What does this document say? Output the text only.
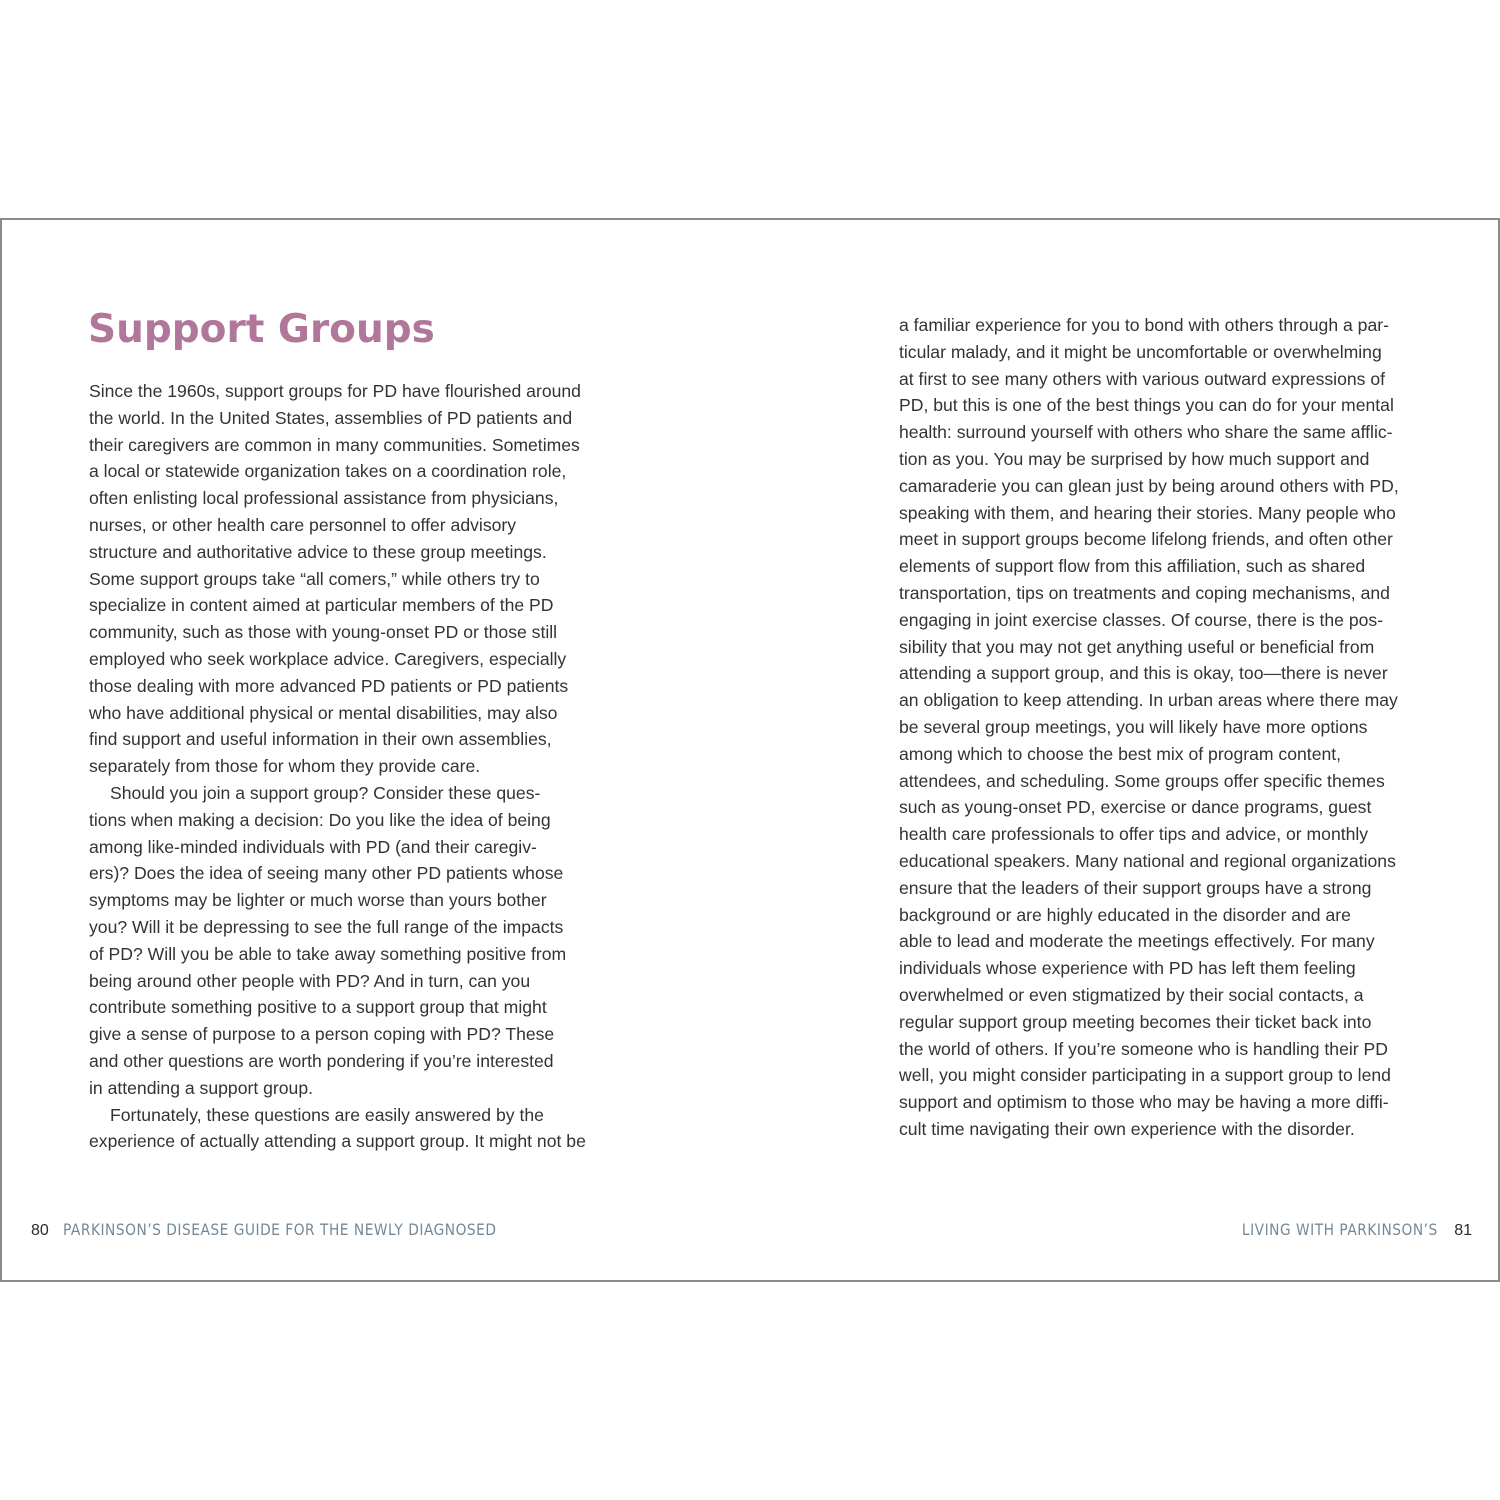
Support Groups
Since the 1960s, support groups for PD have flourished around
the world. In the United States, assemblies of PD patients and
their caregivers are common in many communities. Sometimes
a local or statewide organization takes on a coordination role,
often enlisting local professional assistance from physicians,
nurses, or other health care personnel to offer advisory
structure and authoritative advice to these group meetings.
Some support groups take “all comers,” while others try to
specialize in content aimed at particular members of the PD
community, such as those with young-onset PD or those still
employed who seek workplace advice. Caregivers, especially
those dealing with more advanced PD patients or PD patients
who have additional physical or mental disabilities, may also
find support and useful information in their own assemblies,
separately from those for whom they provide care.
Should you join a support group? Consider these ques-
tions when making a decision: Do you like the idea of being
among like-minded individuals with PD (and their caregiv-
ers)? Does the idea of seeing many other PD patients whose
symptoms may be lighter or much worse than yours bother
you? Will it be depressing to see the full range of the impacts
of PD? Will you be able to take away something positive from
being around other people with PD? And in turn, can you
contribute something positive to a support group that might
give a sense of purpose to a person coping with PD? These
and other questions are worth pondering if you’re interested
in attending a support group.
Fortunately, these questions are easily answered by the
experience of actually attending a support group. It might not be
a familiar experience for you to bond with others through a par-
ticular malady, and it might be uncomfortable or overwhelming
at first to see many others with various outward expressions of
PD, but this is one of the best things you can do for your mental
health: surround yourself with others who share the same afflic-
tion as you. You may be surprised by how much support and
camaraderie you can glean just by being around others with PD,
speaking with them, and hearing their stories. Many people who
meet in support groups become lifelong friends, and often other
elements of support flow from this affiliation, such as shared
transportation, tips on treatments and coping mechanisms, and
engaging in joint exercise classes. Of course, there is the pos-
sibility that you may not get anything useful or beneficial from
attending a support group, and this is okay, too—there is never
an obligation to keep attending. In urban areas where there may
be several group meetings, you will likely have more options
among which to choose the best mix of program content,
attendees, and scheduling. Some groups offer specific themes
such as young-onset PD, exercise or dance programs, guest
health care professionals to offer tips and advice, or monthly
educational speakers. Many national and regional organizations
ensure that the leaders of their support groups have a strong
background or are highly educated in the disorder and are
able to lead and moderate the meetings effectively. For many
individuals whose experience with PD has left them feeling
overwhelmed or even stigmatized by their social contacts, a
regular support group meeting becomes their ticket back into
the world of others. If you’re someone who is handling their PD
well, you might consider participating in a support group to lend
support and optimism to those who may be having a more diffi-
cult time navigating their own experience with the disorder.
80 PARKINSON’S DISEASE GUIDE FOR THE NEWLY DIAGNOSED	LIVING WITH PARKINSON’S 81
